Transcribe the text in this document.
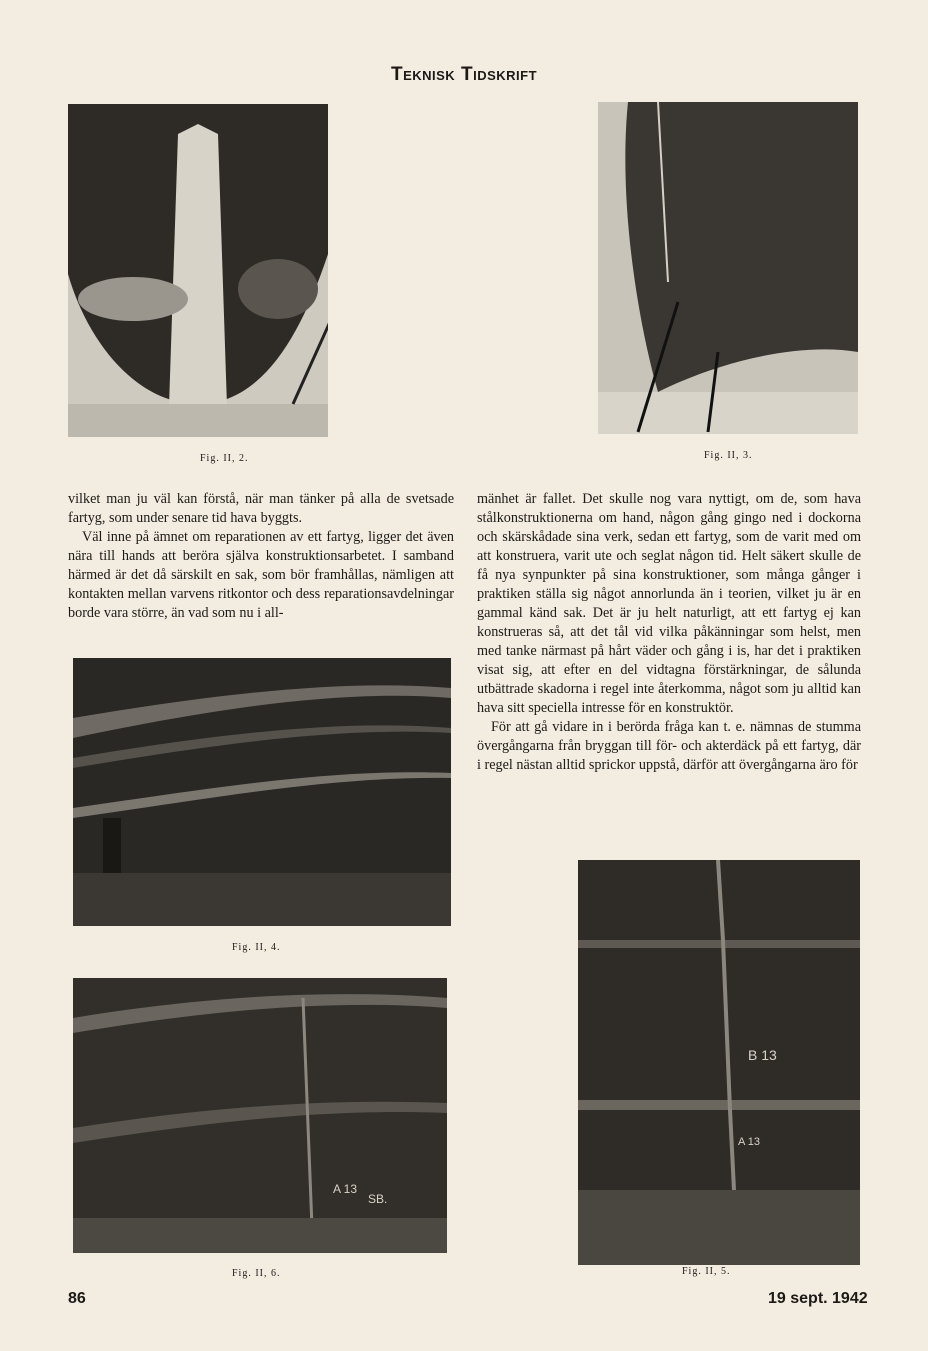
Teknisk Tidskrift
Fig. II, 2.	Fig. II, 3.

vilket man ju väl kan förstå, när man tänker på alla de svetsade fartyg, som under senare tid hava byggts.

Väl inne på ämnet om reparationen av ett fartyg, ligger det även nära till hands att beröra själva konstruktionsarbetet. I samband härmed är det då särskilt en sak, som bör framhållas, nämligen att kontakten mellan varvens ritkontor och dess reparationsavdelningar borde vara större, än vad som nu i all-

mänhet är fallet. Det skulle nog vara nyttigt, om de, som hava stålkonstruktionerna om hand, någon gång gingo ned i dockorna och skärskådade sina verk, sedan ett fartyg, som de varit med om att konstruera, varit ute och seglat någon tid. Helt säkert skulle de få nya synpunkter på sina konstruktioner, som många gånger i praktiken ställa sig något annorlunda än i teorien, vilket ju är en gammal känd sak. Det är ju helt naturligt, att ett fartyg ej kan konstrueras så, att det tål vid vilka påkänningar som helst, men med tanke närmast på hårt väder och gång i is, har det i praktiken visat sig, att efter en del vidtagna förstärkningar, de sålunda utbättrade skadorna i regel inte återkomma, något som ju alltid kan hava sitt speciella intresse för en konstruktör.

För att gå vidare in i berörda fråga kan t. e. nämnas de stumma övergångarna från bryggan till för- och akterdäck på ett fartyg, där i regel nästan alltid sprickor uppstå, därför att övergångarna äro för

Fig. II, 4.
B 13
A 13
Fig. II, 5.
A 13
SB.
Fig. II, 6.
86	19 sept. 1942
